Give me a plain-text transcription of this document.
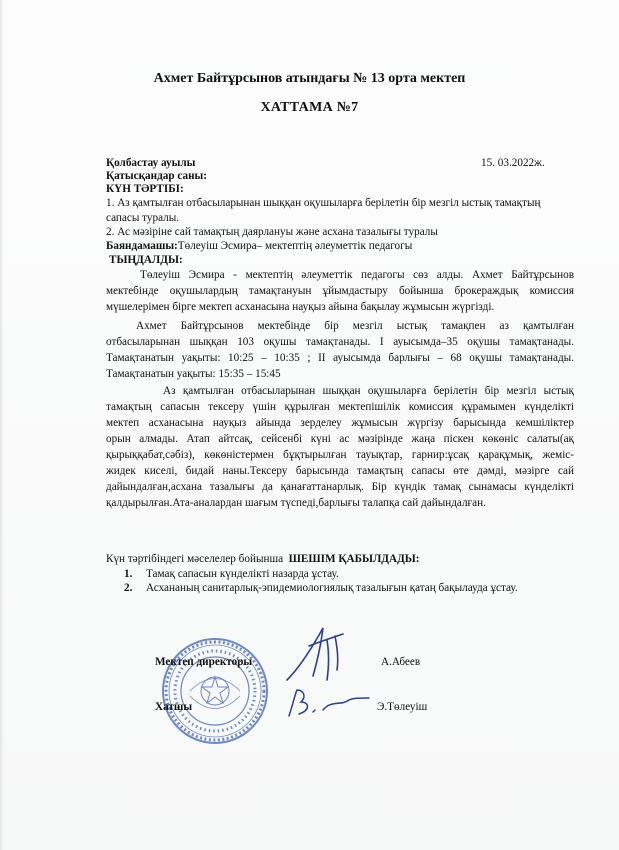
Ахмет Байтұрсынов атындағы № 13 орта мектеп
ХАТТАМА №7
Қолбастау ауылы	15. 03.2022ж.
Қатысқандар саны:
КҮН ТӘРТІБІ:
1. Аз қамтылған отбасыларынан шыққан оқушыларға берілетін бір мезгіл ыстық тамақтың
сапасы туралы.
2. Ас мәзіріне сай тамақтың даярлануы және асхана тазалығы туралы
Баяндамашы:Төлеуіш Эсмира– мектептің әлеуметтік педагогы
ТЫҢДАЛДЫ:
Төлеуіш Эсмира - мектептің әлеуметтік педагогы сөз алды. Ахмет Байтұрсынов
мектебінде оқушылардың тамақтануын ұйымдастыру бойынша брокераждық комиссия
мүшелерімен бірге мектеп асханасына науқыз айына бақылау жұмысын жүргізді.
Ахмет Байтұрсынов мектебінде бір мезгіл ыстық тамақпен аз қамтылған
отбасыларынан шыққан 103 оқушы тамақтанады. І ауысымда–35 оқушы тамақтанады.
Тамақтанатын уақыты: 10:25 – 10:35 ; ІІ ауысымда барлығы – 68 оқушы тамақтанады.
Тамақтанатын уақыты: 15:35 – 15:45
Аз қамтылған отбасыларынан шыққан оқушыларға берілетін бір мезгіл ыстық
тамақтың сапасын тексеру үшін құрылған мектепішілік комиссия құрамымен күнделікті
мектеп асханасына науқыз айында зерделеу жұмысын жүргізу барысында кемшіліктер
орын алмады. Атап айтсақ, сейсенбі күні ас мәзірінде жаңа піскен көкөніс салаты(ақ
қырыққабат,сәбіз), көкөністермен бұқтырылған тауықтар, гарнир:ұсақ қарақұмық, жеміс-
жидек киселі, бидай наны.Тексеру барысында тамақтың сапасы өте дәмді, мәзірге сай
дайындалған,асхана тазалығы да қанағаттанарлық. Бір күндік тамақ сынамасы күнделікті
қалдырылған.Ата-аналардан шағым түспеді,барлығы талапқа сай дайындалған.
Күн тәртібіндегі мәселелер бойынша ШЕШІМ ҚАБЫЛДАДЫ:
1. Тамақ сапасын күнделікті назарда ұстау.
2. Асхананың санитарлық-эпидемиологиялық тазалығын қатаң бақылауда ұстау.
Мектеп директоры	А.Абеев
Хатшы	Э.Төлеуіш
